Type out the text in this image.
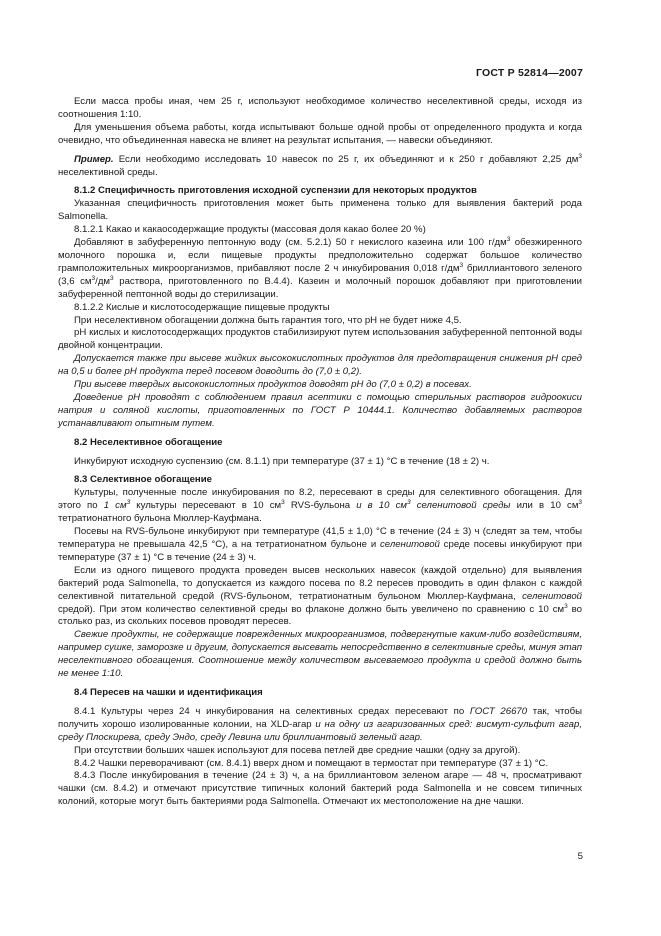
ГОСТ Р 52814—2007

Если масса пробы иная, чем 25 г, используют необходимое количество неселективной среды, исходя из соотношения 1:10.

Для уменьшения объема работы, когда испытывают больше одной пробы от определенного продукта и когда очевидно, что объединенная навеска не влияет на результат испытания, — навески объединяют.

Пример. Если необходимо исследовать 10 навесок по 25 г, их объединяют и к 250 г добавляют 2,25 $дм^3$ неселективной среды.

8.1.2 Специфичность приготовления исходной суспензии для некоторых продуктов

Указанная специфичность приготовления может быть применена только для выявления бактерий рода Salmonella.

8.1.2.1 Какао и какаосодержащие продукты (массовая доля какао более 20 %)

Добавляют в забуференную пептонную воду (см. 5.2.1) 50 г некислого казеина или 100 $г/дм^3$ обезжиренного молочного порошка и, если пищевые продукты предположительно содержат большое количество грамположительных микроорганизмов, прибавляют после 2 ч инкубирования 0,018 $г/дм^3$ бриллиантового зеленого (3,6 $см^3/дм^3$ раствора, приготовленного по В.4.4). Казеин и молочный порошок добавляют при приготовлении забуференной пептонной воды до стерилизации.

8.1.2.2 Кислые и кислотосодержащие пищевые продукты

При неселективном обогащении должна быть гарантия того, что pH не будет ниже 4,5.

pH кислых и кислотосодержащих продуктов стабилизируют путем использования забуференной пептонной воды двойной концентрации.

Допускается также при высеве жидких высококислотных продуктов для предотвращения снижения pH сред на 0,5 и более pH продукта перед посевом доводить до (7,0 ± 0,2).

При высеве твердых высококислотных продуктов доводят pH до (7,0 ± 0,2) в посевах.

Доведение pH проводят с соблюдением правил асептики с помощью стерильных растворов гидроокиси натрия и соляной кислоты, приготовленных по ГОСТ Р 10444.1. Количество добавляемых растворов устанавливают опытным путем.

8.2 Неселективное обогащение

Инкубируют исходную суспензию (см. 8.1.1) при температуре (37 ± 1) °С в течение (18 ± 2) ч.

8.3 Селективное обогащение

Культуры, полученные после инкубирования по 8.2, пересевают в среды для селективного обогащения. Для этого по 1 $см^3$ культуры пересевают в 10 $см^3$ RVS-бульона и в 10 $см^3$ селенитовой среды или в 10 $см^3$ тетратионатного бульона Мюллер-Кауфмана.

Посевы на RVS-бульоне инкубируют при температуре (41,5 ± 1,0) °С в течение (24 ± 3) ч (следят за тем, чтобы температура не превышала 42,5 °С), а на тетратионатном бульоне и селенитовой среде посевы инкубируют при температуре (37 ± 1) °С в течение (24 ± 3) ч.

Если из одного пищевого продукта проведен высев нескольких навесок (каждой отдельно) для выявления бактерий рода Salmonella, то допускается из каждого посева по 8.2 пересев проводить в один флакон с каждой селективной питательной средой (RVS-бульоном, тетратионатным бульоном Мюллер-Кауфмана, селенитовой средой). При этом количество селективной среды во флаконе должно быть увеличено по сравнению с 10 $см^3$ во столько раз, из скольких посевов проводят пересев.

Свежие продукты, не содержащие поврежденных микроорганизмов, подвергнутые каким-либо воздействиям, например сушке, заморозке и другим, допускается высевать непосредственно в селективные среды, минуя этап неселективного обогащения. Соотношение между количеством высеваемого продукта и средой должно быть не менее 1:10.

8.4 Пересев на чашки и идентификация

8.4.1 Культуры через 24 ч инкубирования на селективных средах пересевают по ГОСТ 26670 так, чтобы получить хорошо изолированные колонии, на XLD-агар и на одну из агаризованных сред: висмут-сульфит агар, среду Плоскирева, среду Эндо, среду Левина или бриллиантовый зеленый агар.

При отсутствии больших чашек используют для посева петлей две средние чашки (одну за другой).

8.4.2 Чашки переворачивают (см. 8.4.1) вверх дном и помещают в термостат при температуре (37 ± 1) °С.

8.4.3 После инкубирования в течение (24 ± 3) ч, а на бриллиантовом зеленом агаре — 48 ч, просматривают чашки (см. 8.4.2) и отмечают присутствие типичных колоний бактерий рода Salmonella и не совсем типичных колоний, которые могут быть бактериями рода Salmonella. Отмечают их местоположение на дне чашки.

5
